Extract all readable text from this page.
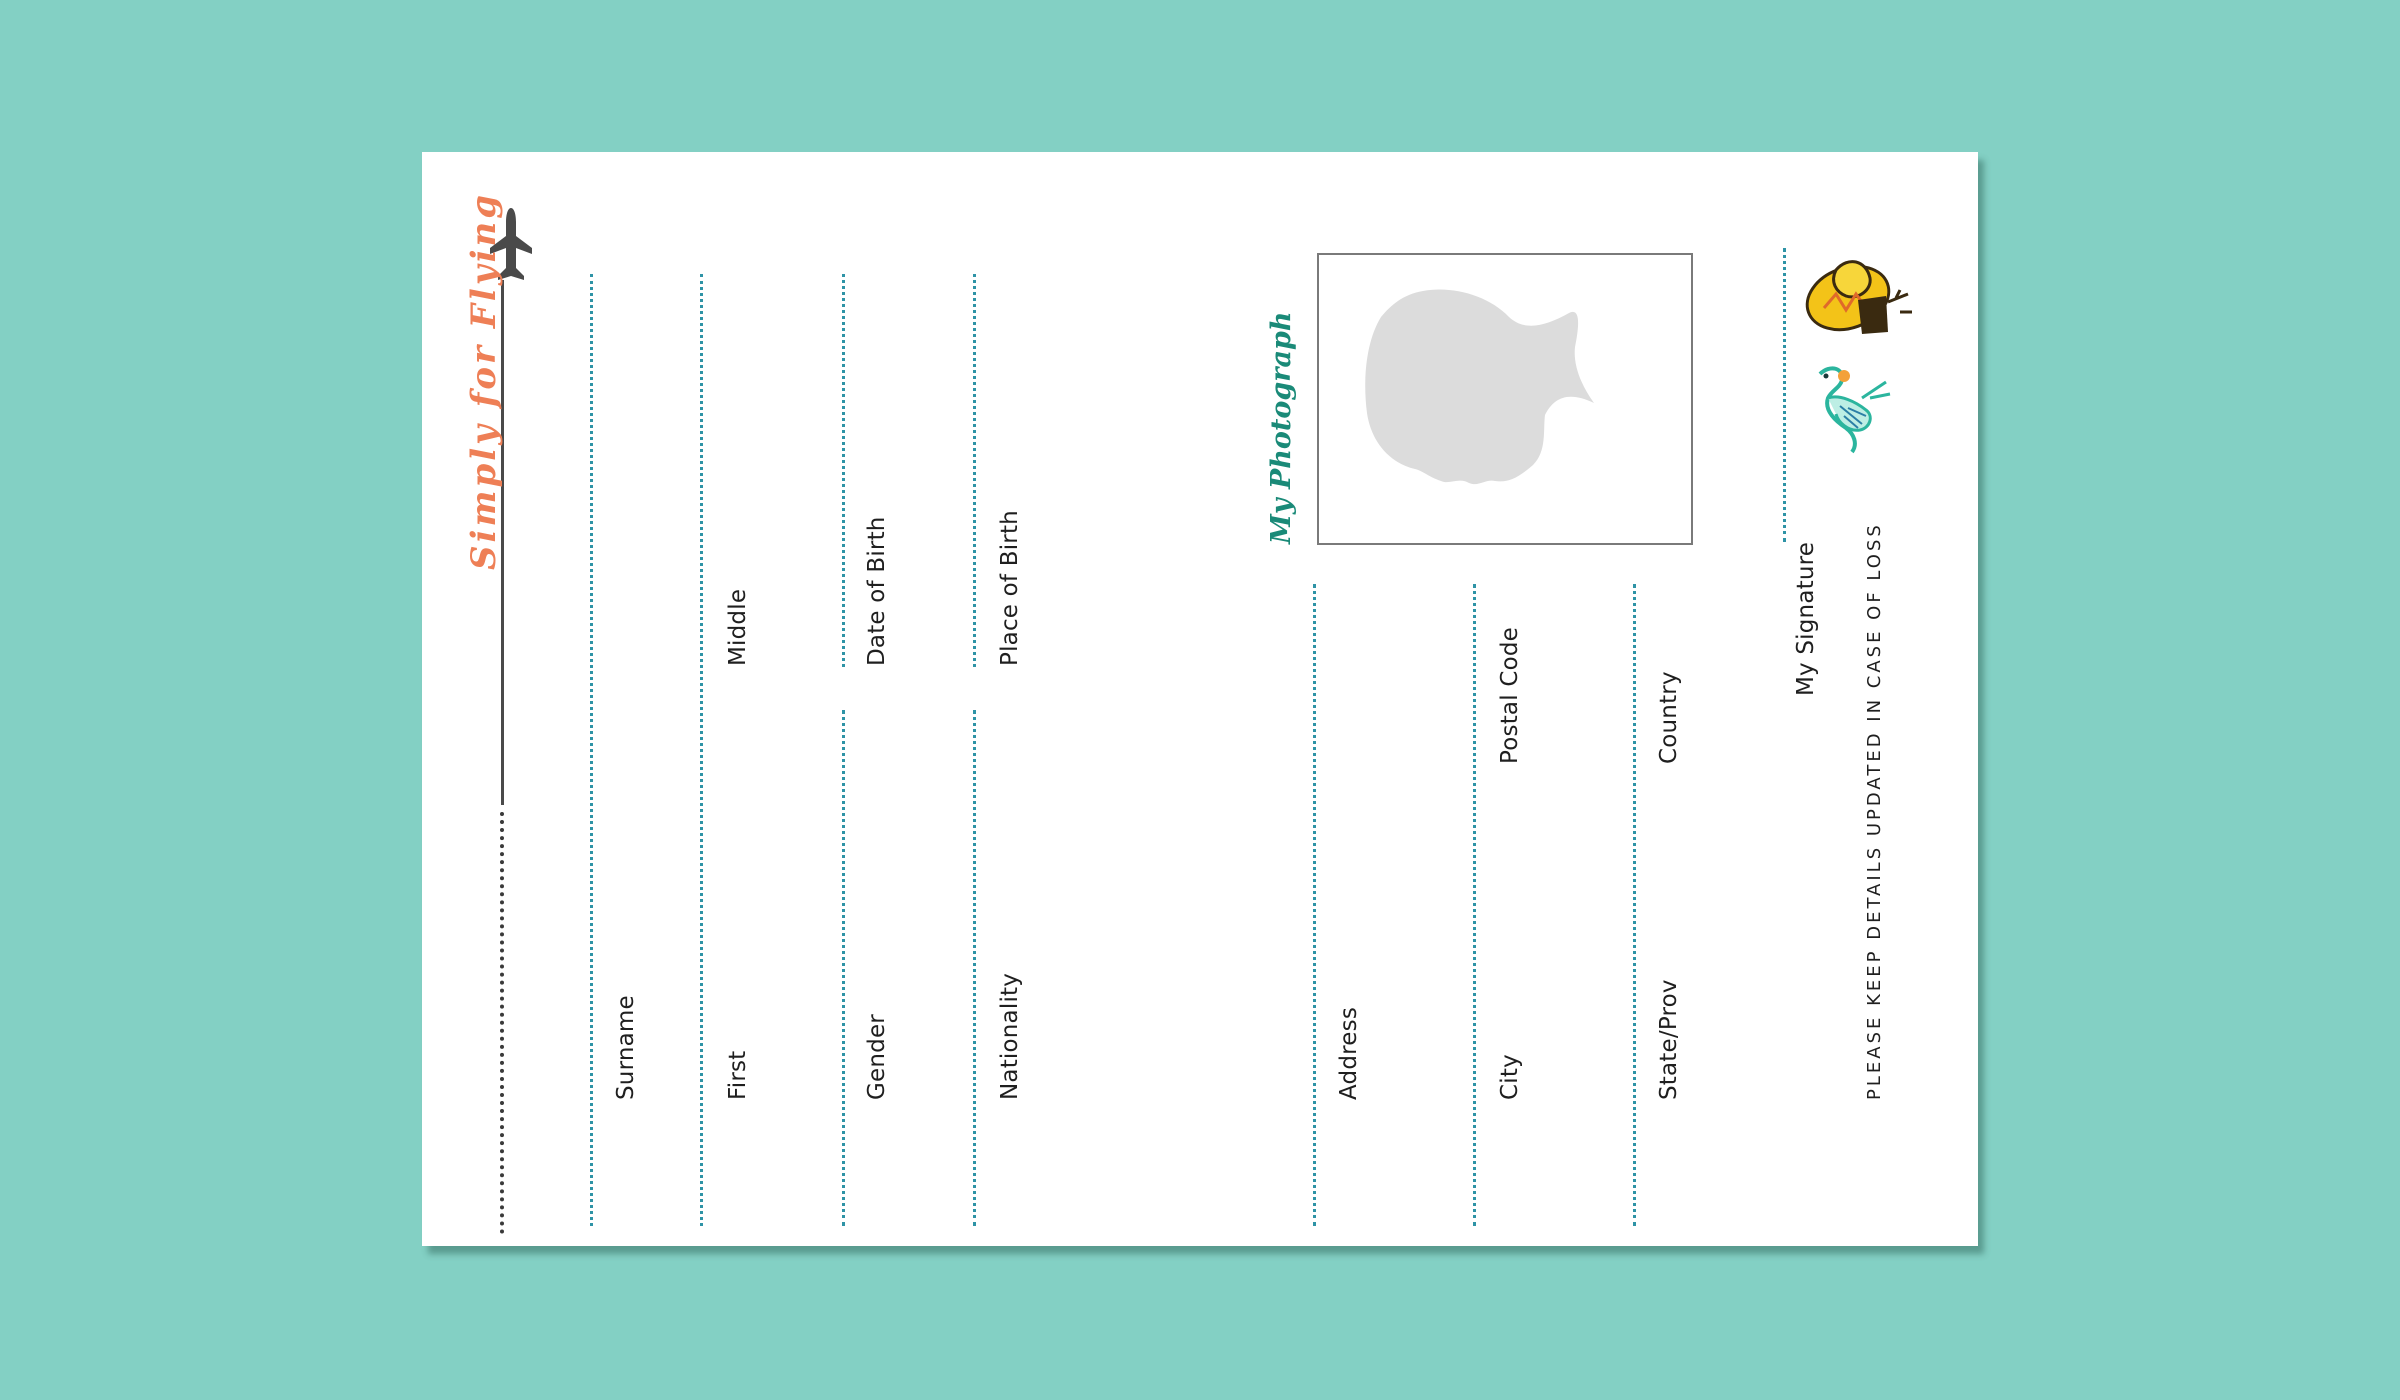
Simply for Flying
Surname	First
Middle
Gender
Date of Birth
Nationality
Place of Birth
My Photograph
Address	City
Postal Code
State/Prov
Country
My Signature	PLEASE KEEP DETAILS UPDATED IN CASE OF LOSS
